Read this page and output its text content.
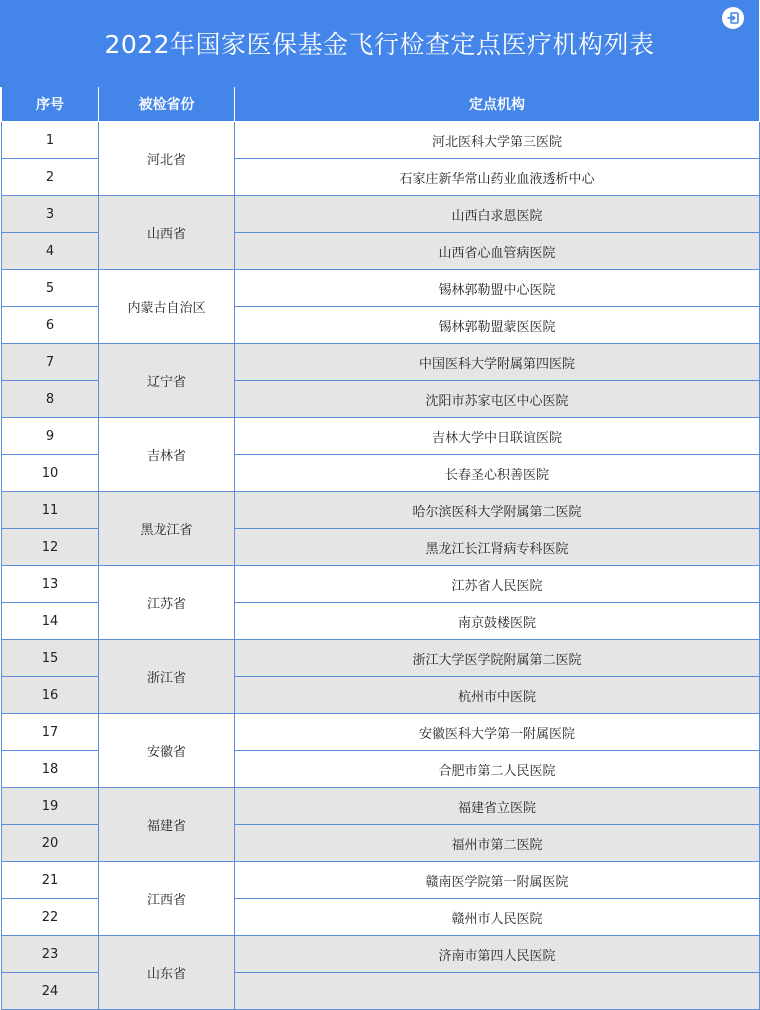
2022年国家医保基金飞行检查定点医疗机构列表
序号	被检省份	定点机构
1	河北省	河北医科大学第三医院
2		石家庄新华常山药业血液透析中心
3	山西省	山西白求恩医院
4		山西省心血管病医院
5	内蒙古自治区	锡林郭勒盟中心医院
6		锡林郭勒盟蒙医医院
7	辽宁省	中国医科大学附属第四医院
8		沈阳市苏家屯区中心医院
9	吉林省	吉林大学中日联谊医院
10		长春圣心积善医院
11	黑龙江省	哈尔滨医科大学附属第二医院
12		黑龙江长江肾病专科医院
13	江苏省	江苏省人民医院
14		南京鼓楼医院
15	浙江省	浙江大学医学院附属第二医院
16		杭州市中医院
17	安徽省	安徽医科大学第一附属医院
18		合肥市第二人民医院
19	福建省	福建省立医院
20		福州市第二医院
21	江西省	赣南医学院第一附属医院
22		赣州市人民医院
23	山东省	济南市第四人民医院
24		
